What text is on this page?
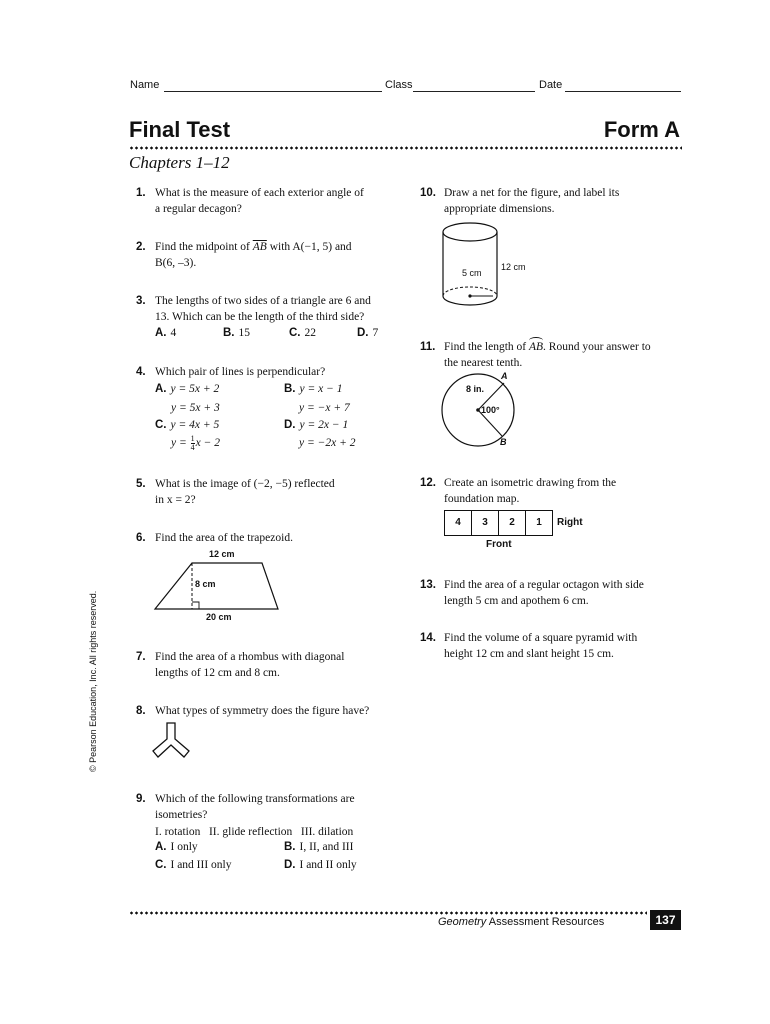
Name	Class	Date
Final Test	Form A
Chapters 1–12
© Pearson Education, Inc. All rights reserved.
1. What is the measure of each exterior angle of
a regular decagon?
2. Find the midpoint of $\overline{AB}$ with A(−1, 5) and
B(6, –3).
3. The lengths of two sides of a triangle are 6 and
13. Which can be the length of the third side?
A. 4	B. 15	C. 22	D. 7
4. Which pair of lines is perpendicular?
A. y = 5x + 2
y = 5x + 3
B. y = x − 1
y = −x + 7
C. y = 4x + 5
$y = \frac{1}{4}$ x − 2
D. y = 2x − 1
y = −2x + 2
5. What is the image of (−2, −5) reflected
in x = 2?
6. Find the area of the trapezoid.
12 cm
8 cm
20 cm
7. Find the area of a rhombus with diagonal
lengths of 12 cm and 8 cm.
8. What types of symmetry does the figure have?
9. Which of the following transformations are
isometries?
I. rotation   II. glide reflection   III. dilation
A. I only	B. I, II, and III
C. I and III only	D. I and II only
10. Draw a net for the figure, and label its
appropriate dimensions.
5 cm
12 cm
11. Find the length of
AB. Round your answer to
the nearest tenth.
8 in.
100°
A
B
12. Create an isometric drawing from the
foundation map.
4	3	2	1	Right
Front
13. Find the area of a regular octagon with side
length 5 cm and apothem 6 cm.
14. Find the volume of a square pyramid with
height 12 cm and slant height 15 cm.
Geometry Assessment Resources	137
